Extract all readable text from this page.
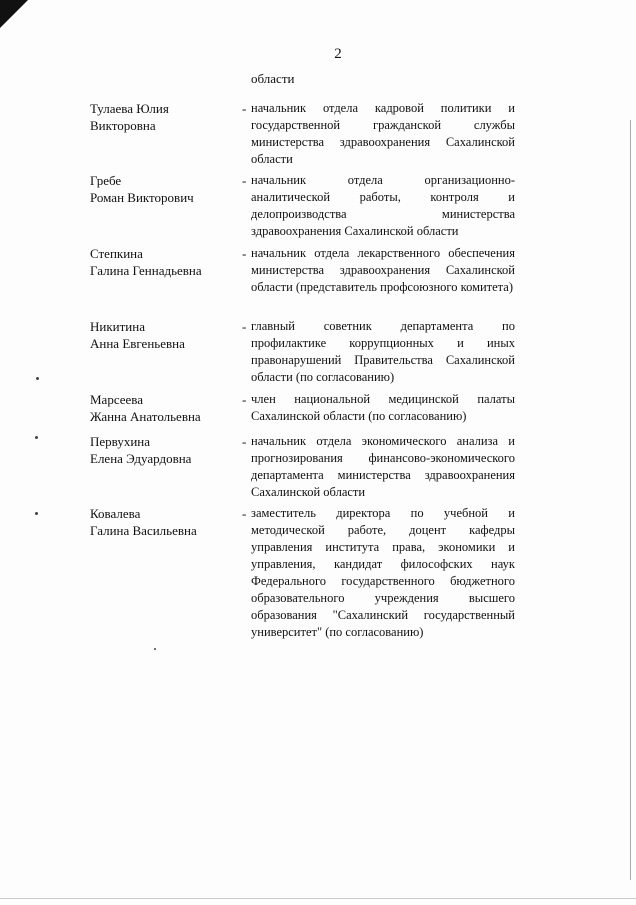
2
области
Тулаева Юлия
Викторовна
- начальник отдела кадровой политики и государственной гражданской службы министерства здравоохранения Сахалинской области
Гребе
Роман Викторович
- начальник отдела организационно-аналитической работы, контроля и делопроизводства министерства здравоохранения Сахалинской области
Степкина
Галина Геннадьевна
- начальник отдела лекарственного обеспечения министерства здравоохранения Сахалинской области (представитель профсоюзного комитета)
Никитина
Анна Евгеньевна
- главный советник департамента по профилактике коррупционных и иных правонарушений Правительства Сахалинской области (по согласованию)
Марсеева
Жанна Анатольевна
- член национальной медицинской палаты Сахалинской области (по согласованию)
Первухина
Елена Эдуардовна
- начальник отдела экономического анализа и прогнозирования финансово-экономического департамента министерства здравоохранения Сахалинской области
Ковалева
Галина Васильевна
- заместитель директора по учебной и методической работе, доцент кафедры управления института права, экономики и управления, кандидат философских наук Федерального государственного бюджетного образовательного учреждения высшего образования "Сахалинский государственный университет" (по согласованию)
